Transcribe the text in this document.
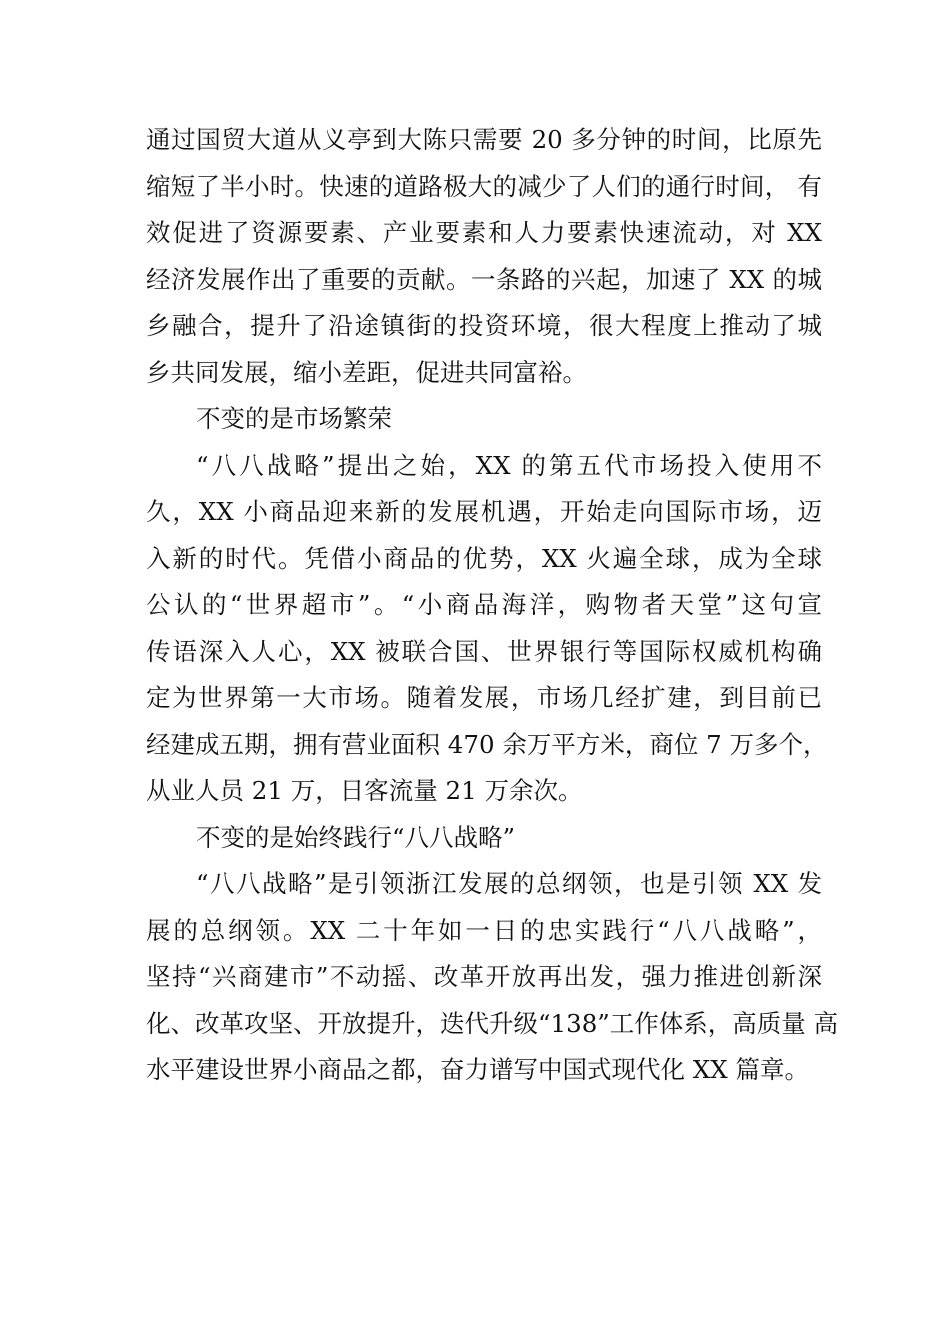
通过国贸大道从义亭到大陈只需要 20 多分钟的时间，比原先
缩短了半小时。快速的道路极大的减少了人们的通行时间， 有
效促进了资源要素、产业要素和人力要素快速流动，对 XX
经济发展作出了重要的贡献。一条路的兴起，加速了 XX 的城
乡融合，提升了沿途镇街的投资环境，很大程度上推动了城
乡共同发展，缩小差距，促进共同富裕。
不变的是市场繁荣
“八八战略”提出之始，XX 的第五代市场投入使用不
久，XX 小商品迎来新的发展机遇，开始走向国际市场，迈
入新的时代。凭借小商品的优势，XX 火遍全球，成为全球
公认的“世界超市”。“小商品海洋，购物者天堂”这句宣
传语深入人心，XX 被联合国、世界银行等国际权威机构确
定为世界第一大市场。随着发展，市场几经扩建，到目前已
经建成五期，拥有营业面积 470 余万平方米，商位 7 万多个，
从业人员 21 万，日客流量 21 万余次。
不变的是始终践行“八八战略”
“八八战略”是引领浙江发展的总纲领，也是引领 XX 发
展的总纲领。XX 二十年如一日的忠实践行“八八战略”，
坚持“兴商建市”不动摇、改革开放再出发，强力推进创新深
化、改革攻坚、开放提升，迭代升级“138”工作体系，高质量 高
水平建设世界小商品之都，奋力谱写中国式现代化 XX 篇章。
